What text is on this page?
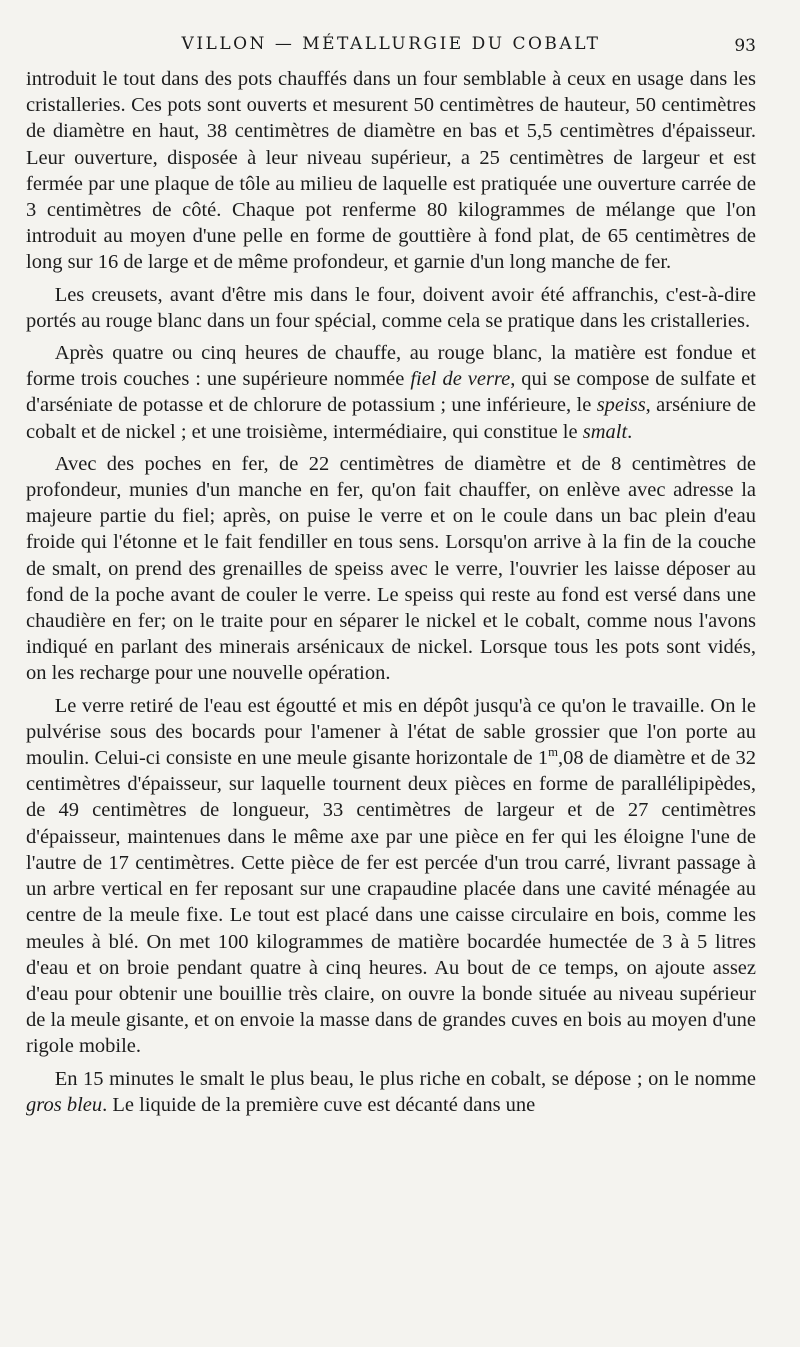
VILLON — MÉTALLURGIE DU COBALT	93

introduit le tout dans des pots chauffés dans un four semblable à ceux en usage dans les cristalleries. Ces pots sont ouverts et mesurent 50 centimètres de hauteur, 50 centimètres de diamètre en haut, 38 centimètres de diamètre en bas et 5,5 centimètres d'épaisseur. Leur ouverture, disposée à leur niveau supérieur, a 25 centimètres de largeur et est fermée par une plaque de tôle au milieu de laquelle est pratiquée une ouverture carrée de 3 centimètres de côté. Chaque pot renferme 80 kilogrammes de mélange que l'on introduit au moyen d'une pelle en forme de gouttière à fond plat, de 65 centimètres de long sur 16 de large et de même profondeur, et garnie d'un long manche de fer.

Les creusets, avant d'être mis dans le four, doivent avoir été affranchis, c'est-à-dire portés au rouge blanc dans un four spécial, comme cela se pratique dans les cristalleries.

Après quatre ou cinq heures de chauffe, au rouge blanc, la matière est fondue et forme trois couches : une supérieure nommée fiel de verre, qui se compose de sulfate et d'arséniate de potasse et de chlorure de potassium ; une inférieure, le speiss, arséniure de cobalt et de nickel ; et une troisième, intermédiaire, qui constitue le smalt.

Avec des poches en fer, de 22 centimètres de diamètre et de 8 centimètres de profondeur, munies d'un manche en fer, qu'on fait chauffer, on enlève avec adresse la majeure partie du fiel; après, on puise le verre et on le coule dans un bac plein d'eau froide qui l'étonne et le fait fendiller en tous sens. Lorsqu'on arrive à la fin de la couche de smalt, on prend des grenailles de speiss avec le verre, l'ouvrier les laisse déposer au fond de la poche avant de couler le verre. Le speiss qui reste au fond est versé dans une chaudière en fer; on le traite pour en séparer le nickel et le cobalt, comme nous l'avons indiqué en parlant des minerais arsénicaux de nickel. Lorsque tous les pots sont vidés, on les recharge pour une nouvelle opération.

Le verre retiré de l'eau est égoutté et mis en dépôt jusqu'à ce qu'on le travaille. On le pulvérise sous des bocards pour l'amener à l'état de sable grossier que l'on porte au moulin. Celui-ci consiste en une meule gisante horizontale de 1$^m$,08 de diamètre et de 32 centimètres d'épaisseur, sur laquelle tournent deux pièces en forme de parallélipipèdes, de 49 centimètres de longueur, 33 centimètres de largeur et de 27 centimètres d'épaisseur, maintenues dans le même axe par une pièce en fer qui les éloigne l'une de l'autre de 17 centimètres. Cette pièce de fer est percée d'un trou carré, livrant passage à un arbre vertical en fer reposant sur une crapaudine placée dans une cavité ménagée au centre de la meule fixe. Le tout est placé dans une caisse circulaire en bois, comme les meules à blé. On met 100 kilogrammes de matière bocardée humectée de 3 à 5 litres d'eau et on broie pendant quatre à cinq heures. Au bout de ce temps, on ajoute assez d'eau pour obtenir une bouillie très claire, on ouvre la bonde située au niveau supérieur de la meule gisante, et on envoie la masse dans de grandes cuves en bois au moyen d'une rigole mobile.

En 15 minutes le smalt le plus beau, le plus riche en cobalt, se dépose ; on le nomme gros bleu. Le liquide de la première cuve est décanté dans une
